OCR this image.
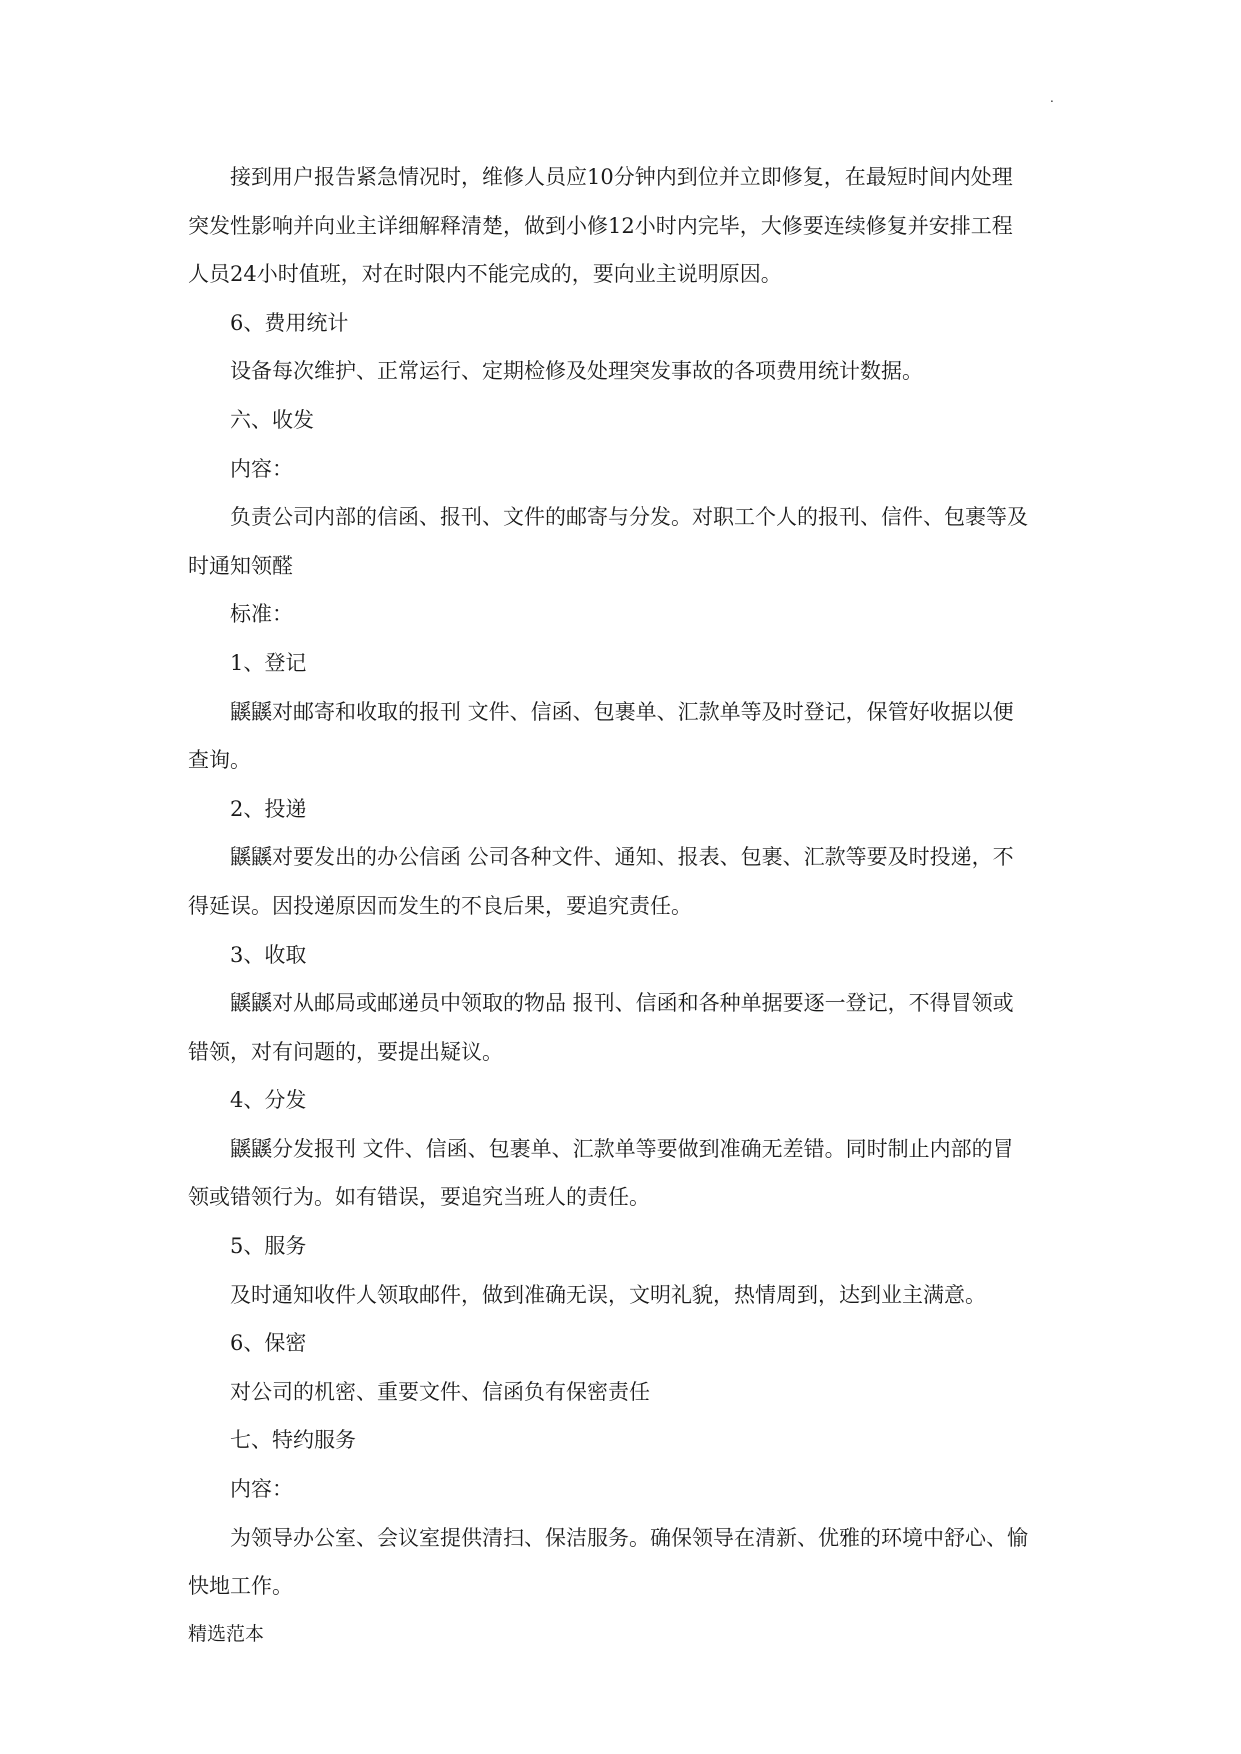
.
接到用户报告紧急情况时，维修人员应10分钟内到位并立即修复，在最短时间内处理
突发性影响并向业主详细解释清楚，做到小修12小时内完毕，大修要连续修复并安排工程
人员24小时值班，对在时限内不能完成的，要向业主说明原因。
6、费用统计
设备每次维护、正常运行、定期检修及处理突发事故的各项费用统计数据。
六、收发
内容：
负责公司内部的信函、报刊、文件的邮寄与分发。对职工个人的报刊、信件、包裹等及
时通知领醛
标准：
1、登记
鼷鼷对邮寄和收取的报刊 文件、信函、包裹单、汇款单等及时登记，保管好收据以便
查询。
2、投递
鼷鼷对要发出的办公信函 公司各种文件、通知、报表、包裹、汇款等要及时投递，不
得延误。因投递原因而发生的不良后果，要追究责任。
3、收取
鼷鼷对从邮局或邮递员中领取的物品 报刊、信函和各种单据要逐一登记，不得冒领或
错领，对有问题的，要提出疑议。
4、分发
鼷鼷分发报刊 文件、信函、包裹单、汇款单等要做到准确无差错。同时制止内部的冒
领或错领行为。如有错误，要追究当班人的责任。
5、服务
及时通知收件人领取邮件，做到准确无误，文明礼貌，热情周到，达到业主满意。
6、保密
对公司的机密、重要文件、信函负有保密责任
七、特约服务
内容：
为领导办公室、会议室提供清扫、保洁服务。确保领导在清新、优雅的环境中舒心、愉
快地工作。
精选范本
